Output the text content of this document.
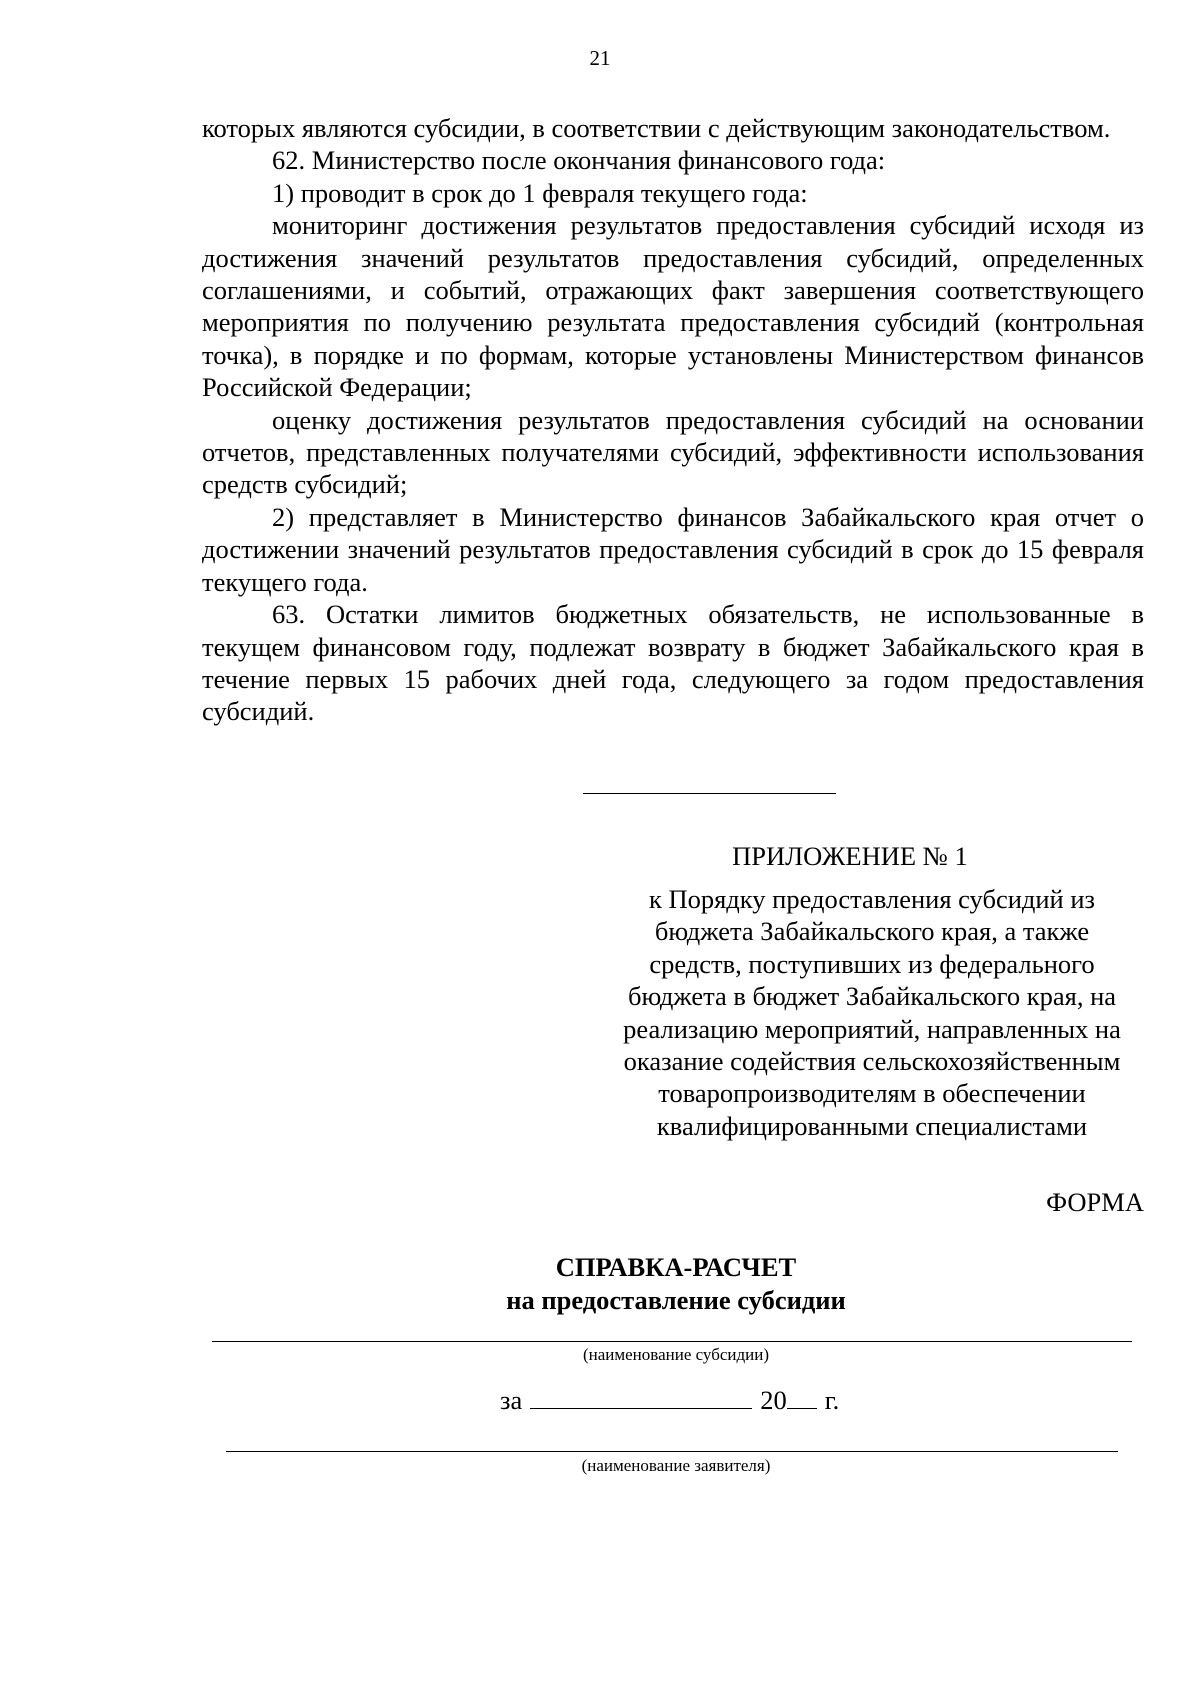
21

которых являются субсидии, в соответствии с действующим законодательством.

62. Министерство после окончания финансового года:

1) проводит в срок до 1 февраля текущего года:

мониторинг достижения результатов предоставления субсидий исходя из достижения значений результатов предоставления субсидий, определенных соглашениями, и событий, отражающих факт завершения соответствующего мероприятия по получению результата предоставления субсидий (контрольная точка), в порядке и по формам, которые установлены Министерством финансов Российской Федерации;

оценку достижения результатов предоставления субсидий на основании отчетов, представленных получателями субсидий, эффективности использования средств субсидий;

2) представляет в Министерство финансов Забайкальского края отчет о достижении значений результатов предоставления субсидий в срок до 15 февраля текущего года.

63. Остатки лимитов бюджетных обязательств, не использованные в текущем финансовом году, подлежат возврату в бюджет Забайкальского края в течение первых 15 рабочих дней года, следующего за годом предоставления субсидий.

ПРИЛОЖЕНИЕ № 1
к Порядку предоставления субсидий из
бюджета Забайкальского края, а также
средств, поступивших из федерального
бюджета в бюджет Забайкальского края, на
реализацию мероприятий, направленных на
оказание содействия сельскохозяйственным
товаропроизводителям в обеспечении
квалифицированными специалистами
ФОРМА
СПРАВКА-РАСЧЕТ
на предоставление субсидии
(наименование субсидии)
за	20 г.
(наименование заявителя)
